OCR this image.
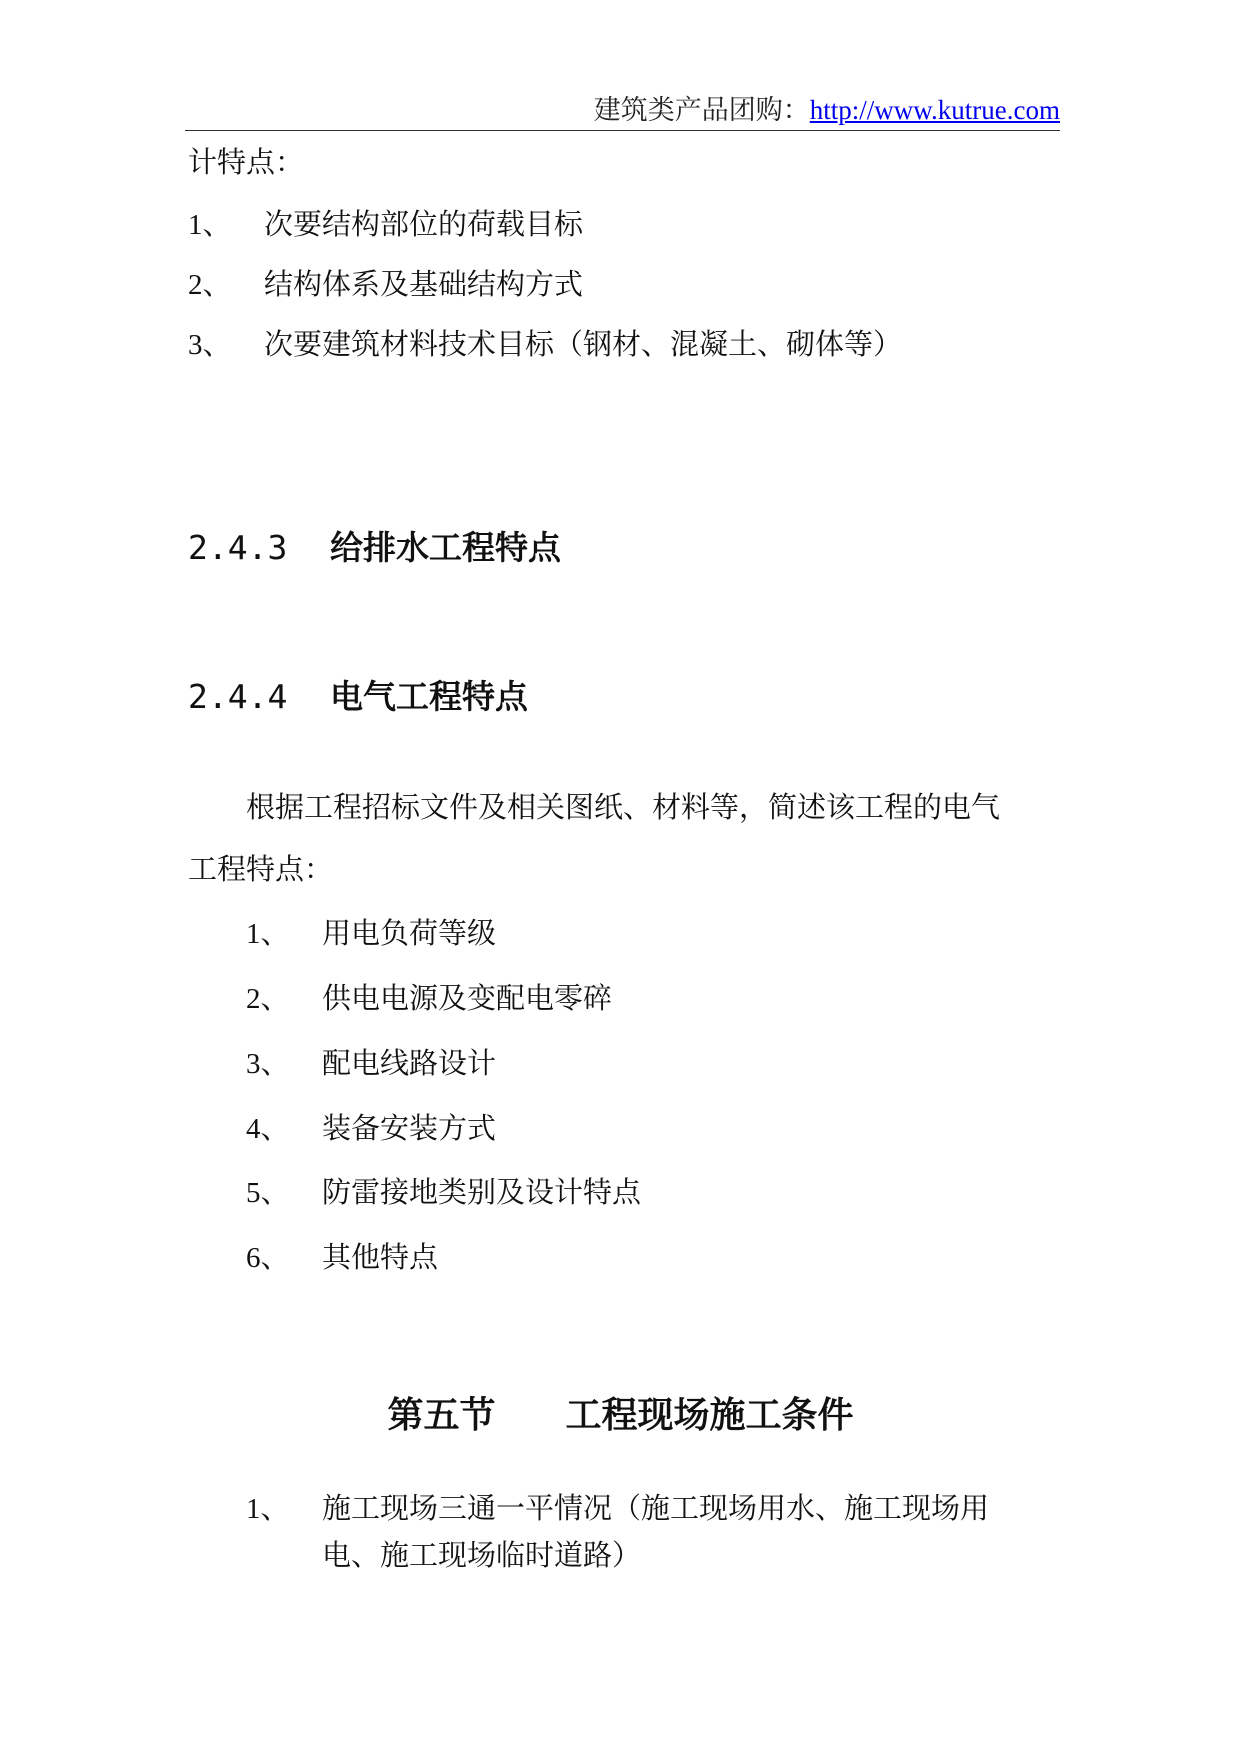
建筑类产品团购：http://www.kutrue.com
计特点：
1、 次要结构部位的荷载目标
2、 结构体系及基础结构方式
3、 次要建筑材料技术目标（钢材、混凝土、砌体等）
2.4.3 给排水工程特点
2.4.4 电气工程特点
根据工程招标文件及相关图纸、材料等，简述该工程的电气
工程特点：
1、 用电负荷等级
2、 供电电源及变配电零碎
3、 配电线路设计
4、 装备安装方式
5、 防雷接地类别及设计特点
6、 其他特点
第五节 工程现场施工条件
1、 施工现场三通一平情况（施工现场用水、施工现场用
电、施工现场临时道路）
